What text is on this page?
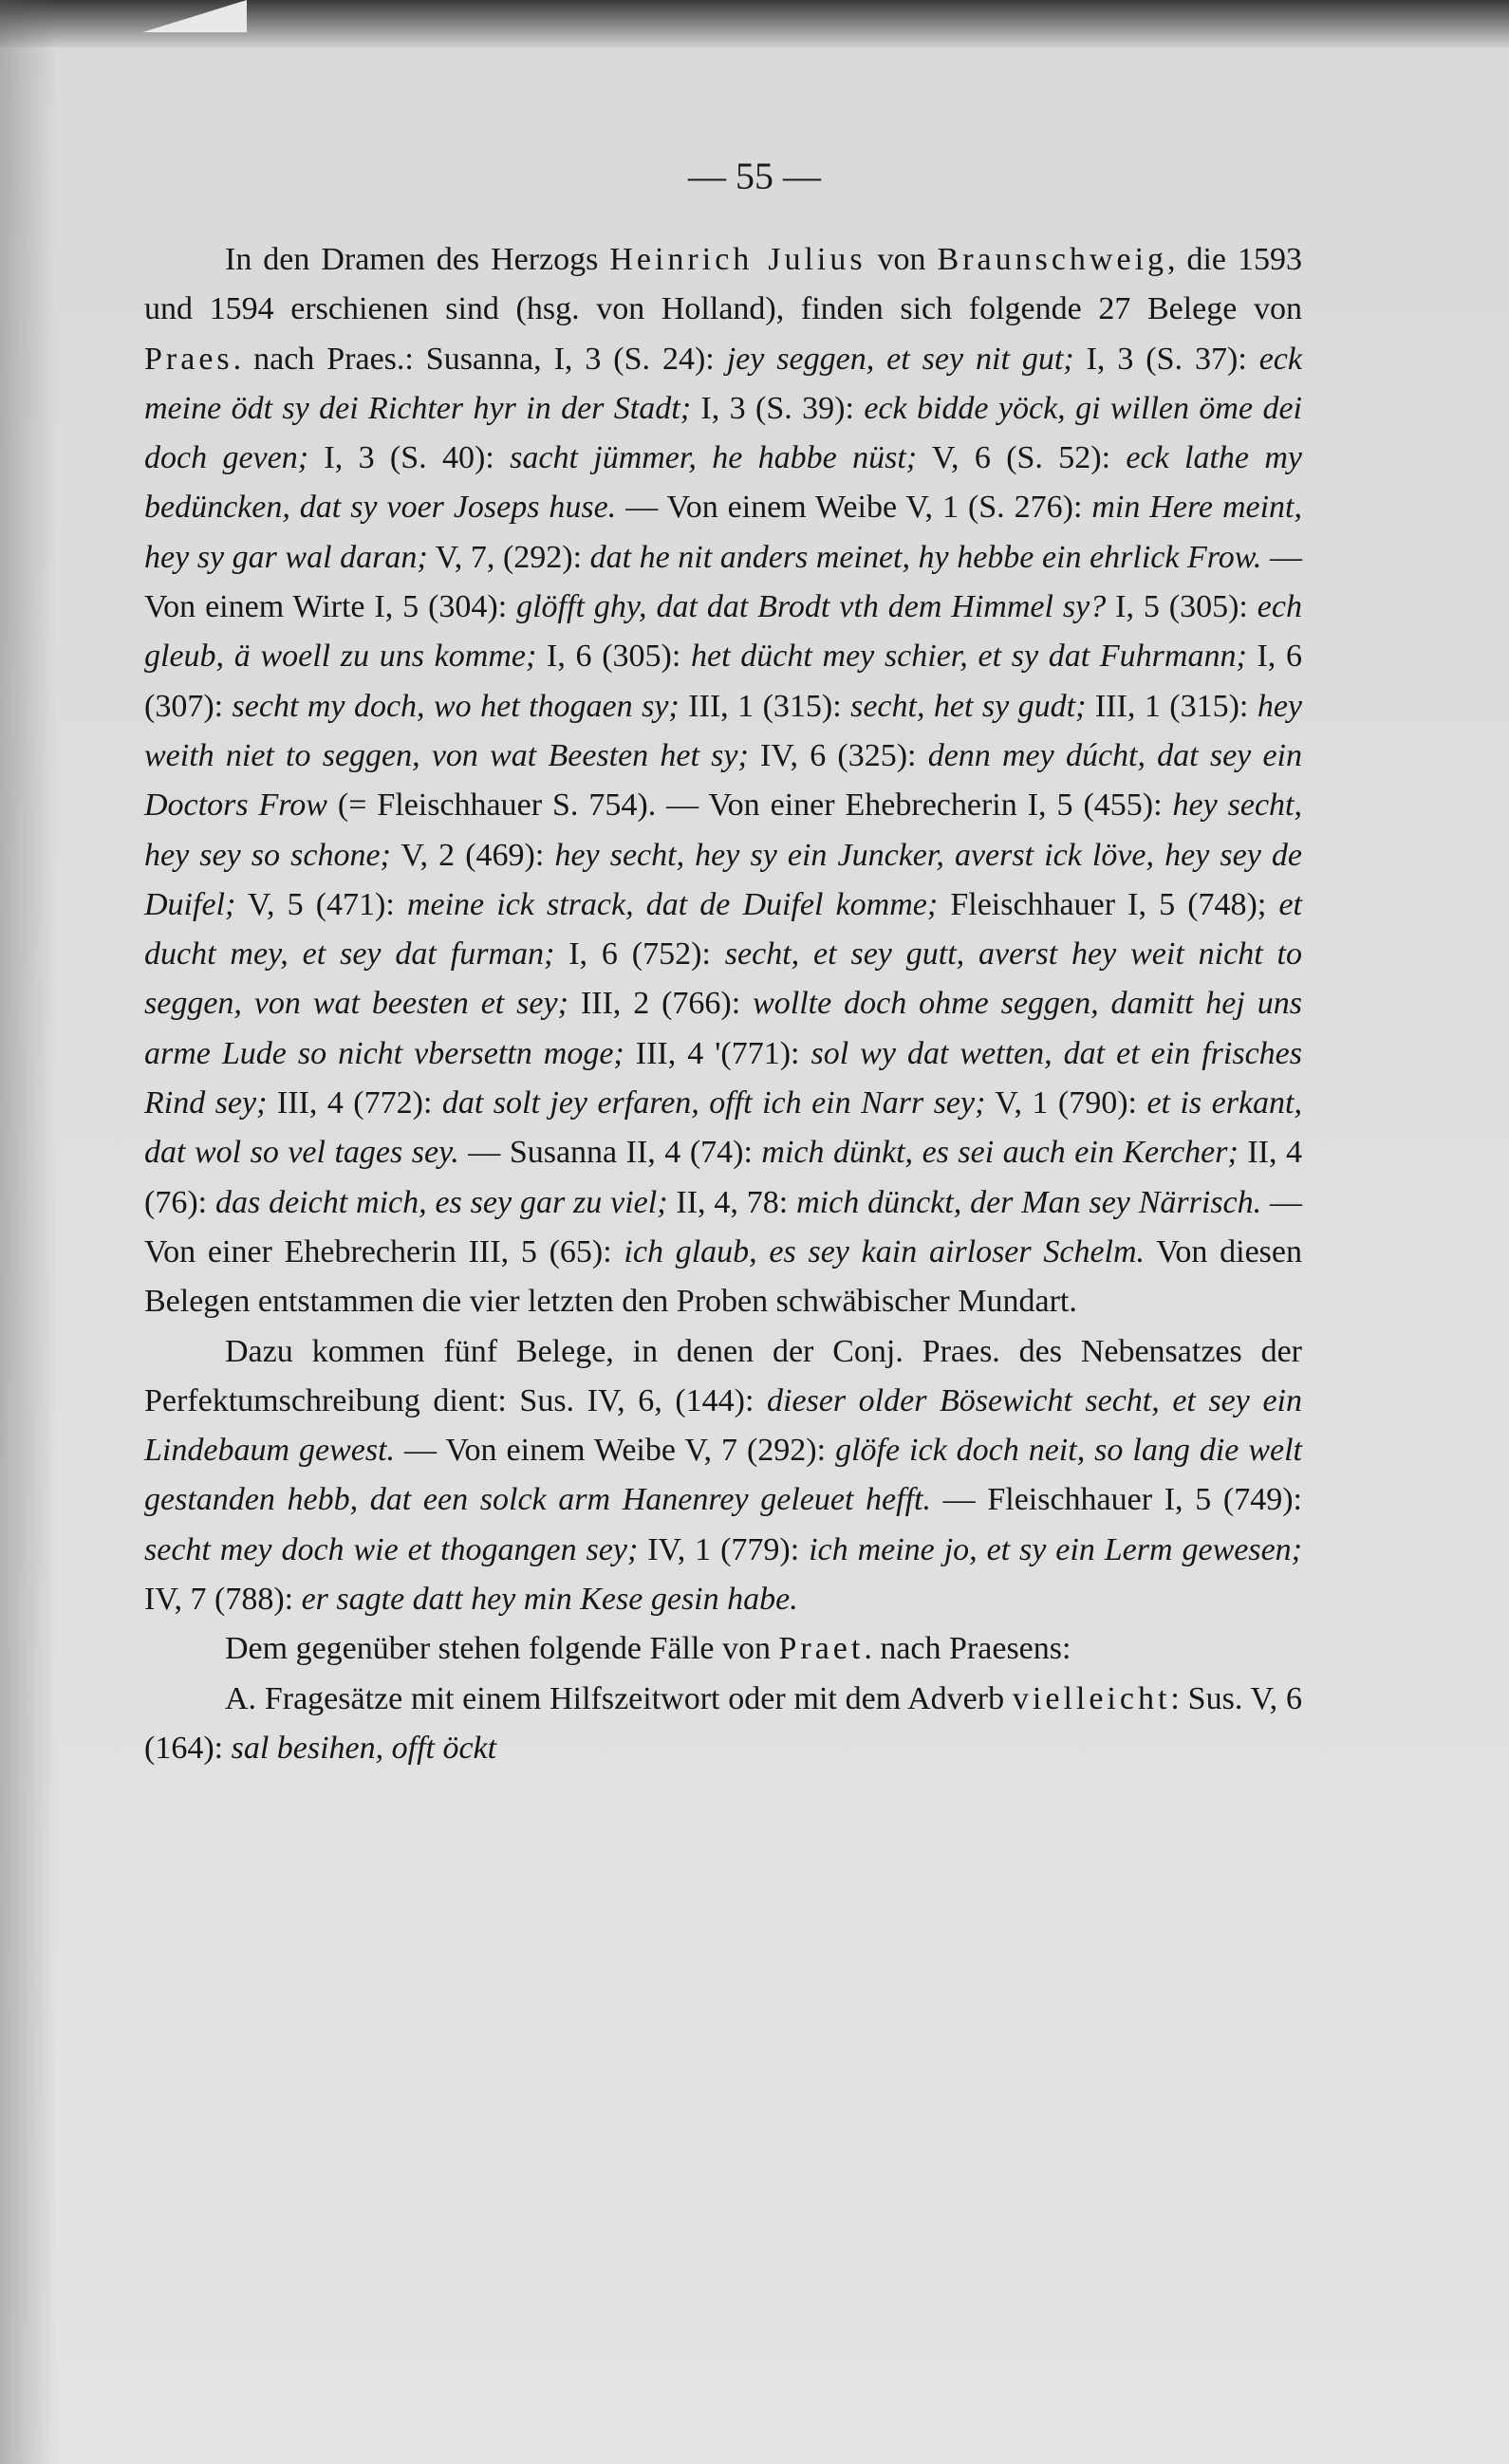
— 55 —

In den Dramen des Herzogs Heinrich Julius von Braunschweig, die 1593 und 1594 erschienen sind (hsg. von Holland), finden sich folgende 27 Belege von Praes. nach Praes.: Susanna, I, 3 (S. 24): jey seggen, et sey nit gut; I, 3 (S. 37): eck meine ödt sy dei Richter hyr in der Stadt; I, 3 (S. 39): eck bidde yöck, gi willen öme dei doch geven; I, 3 (S. 40): sacht jümmer, he habbe nüst; V, 6 (S. 52): eck lathe my bedüncken, dat sy voer Joseps huse. — Von einem Weibe V, 1 (S. 276): min Here meint, hey sy gar wal daran; V, 7, (292): dat he nit anders meinet, hy hebbe ein ehrlick Frow. — Von einem Wirte I, 5 (304): glöfft ghy, dat dat Brodt vth dem Himmel sy? I, 5 (305): ech gleub, ä woell zu uns komme; I, 6 (305): het dücht mey schier, et sy dat Fuhrmann; I, 6 (307): secht my doch, wo het thogaen sy; III, 1 (315): secht, het sy gudt; III, 1 (315): hey weith niet to seggen, von wat Beesten het sy; IV, 6 (325): denn mey dúcht, dat sey ein Doctors Frow (= Fleischhauer S. 754). — Von einer Ehebrecherin I, 5 (455): hey secht, hey sey so schone; V, 2 (469): hey secht, hey sy ein Juncker, averst ick löve, hey sey de Duifel; V, 5 (471): meine ick strack, dat de Duifel komme; Fleischhauer I, 5 (748); et ducht mey, et sey dat furman; I, 6 (752): secht, et sey gutt, averst hey weit nicht to seggen, von wat beesten et sey; III, 2 (766): wollte doch ohme seggen, damitt hej uns arme Lude so nicht vbersettn moge; III, 4 '(771): sol wy dat wetten, dat et ein frisches Rind sey; III, 4 (772): dat solt jey erfaren, offt ich ein Narr sey; V, 1 (790): et is erkant, dat wol so vel tages sey. — Susanna II, 4 (74): mich dünkt, es sei auch ein Kercher; II, 4 (76): das deicht mich, es sey gar zu viel; II, 4, 78: mich dünckt, der Man sey Närrisch. — Von einer Ehebrecherin III, 5 (65): ich glaub, es sey kain airloser Schelm. Von diesen Belegen entstammen die vier letzten den Proben schwäbischer Mundart.

Dazu kommen fünf Belege, in denen der Conj. Praes. des Nebensatzes der Perfektumschreibung dient: Sus. IV, 6, (144): dieser older Bösewicht secht, et sey ein Lindebaum gewest. — Von einem Weibe V, 7 (292): glöfe ick doch neit, so lang die welt gestanden hebb, dat een solck arm Hanenrey geleuet hefft. — Fleischhauer I, 5 (749): secht mey doch wie et thogangen sey; IV, 1 (779): ich meine jo, et sy ein Lerm gewesen; IV, 7 (788): er sagte datt hey min Kese gesin habe.

Dem gegenüber stehen folgende Fälle von Praet. nach Praesens:

A. Fragesätze mit einem Hilfszeitwort oder mit dem Adverb vielleicht: Sus. V, 6 (164): sal besihen, offt öckt
